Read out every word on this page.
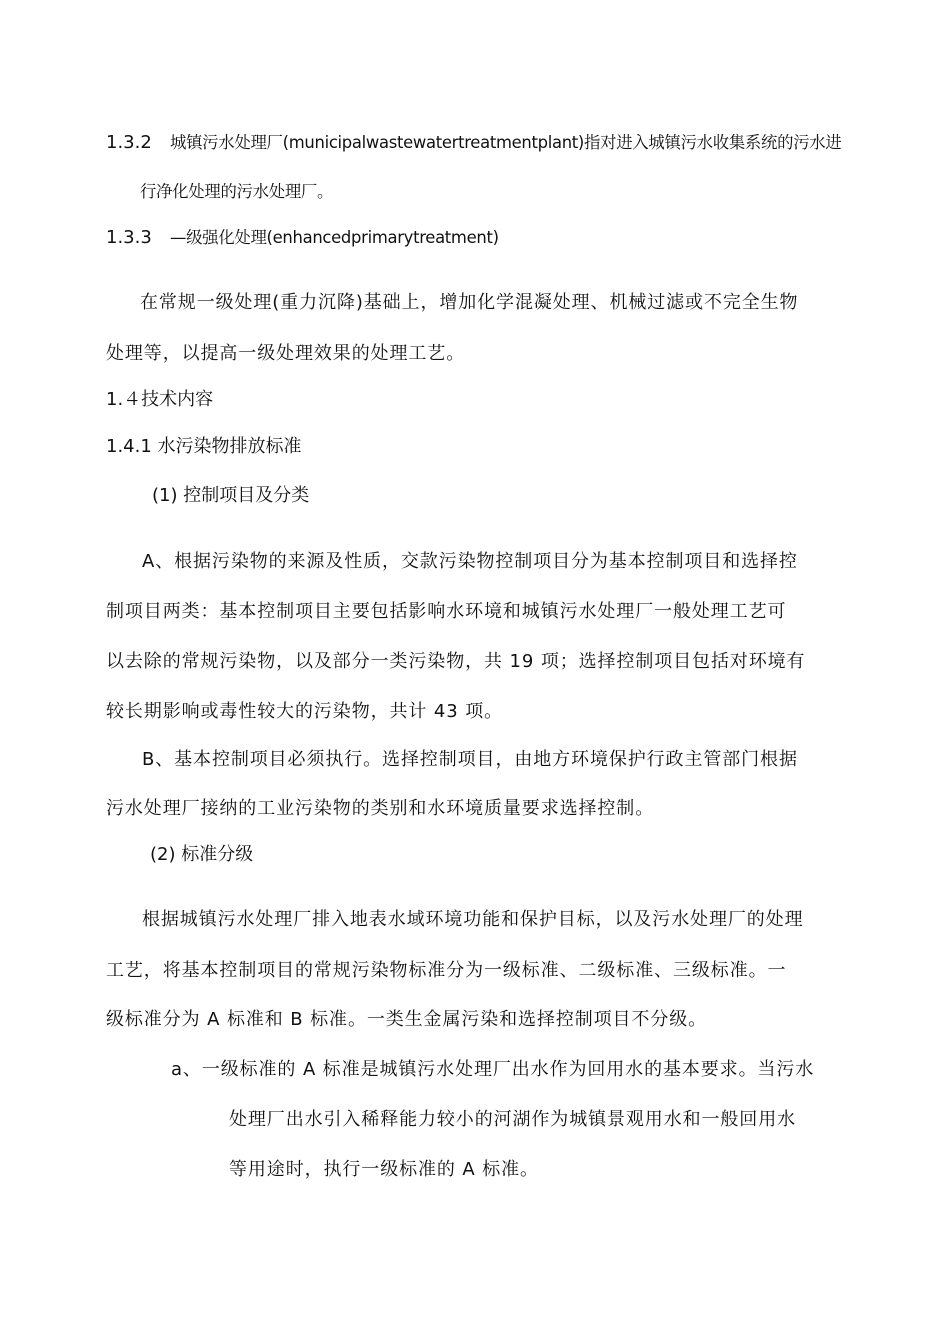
1.3.2 城镇污水处理厂(municipalwastewatertreatmentplant)指对进入城镇污水收集系统的污水进
行净化处理的污水处理厂。
1.3.3 —级强化处理(enhancedprimarytreatment)
在常规一级处理(重力沉降)基础上，增加化学混凝处理、机械过滤或不完全生物
处理等，以提高一级处理效果的处理工艺。
1.４技术内容
1.4.1 水污染物排放标准
(1) 控制项目及分类
A、根据污染物的来源及性质，交款污染物控制项目分为基本控制项目和选择控
制项目两类：基本控制项目主要包括影响水环境和城镇污水处理厂一般处理工艺可
以去除的常规污染物，以及部分一类污染物，共 19 项；选择控制项目包括对环境有
较长期影响或毒性较大的污染物，共计 43 项。
B、基本控制项目必须执行。选择控制项目，由地方环境保护行政主管部门根据
污水处理厂接纳的工业污染物的类别和水环境质量要求选择控制。
(2) 标准分级
根据城镇污水处理厂排入地表水域环境功能和保护目标，以及污水处理厂的处理
工艺，将基本控制项目的常规污染物标准分为一级标准、二级标准、三级标准。一
级标准分为 A 标准和 B 标准。一类生金属污染和选择控制项目不分级。
a、一级标准的 A 标准是城镇污水处理厂出水作为回用水的基本要求。当污水
处理厂出水引入稀释能力较小的河湖作为城镇景观用水和一般回用水
等用途时，执行一级标准的 A 标准。
